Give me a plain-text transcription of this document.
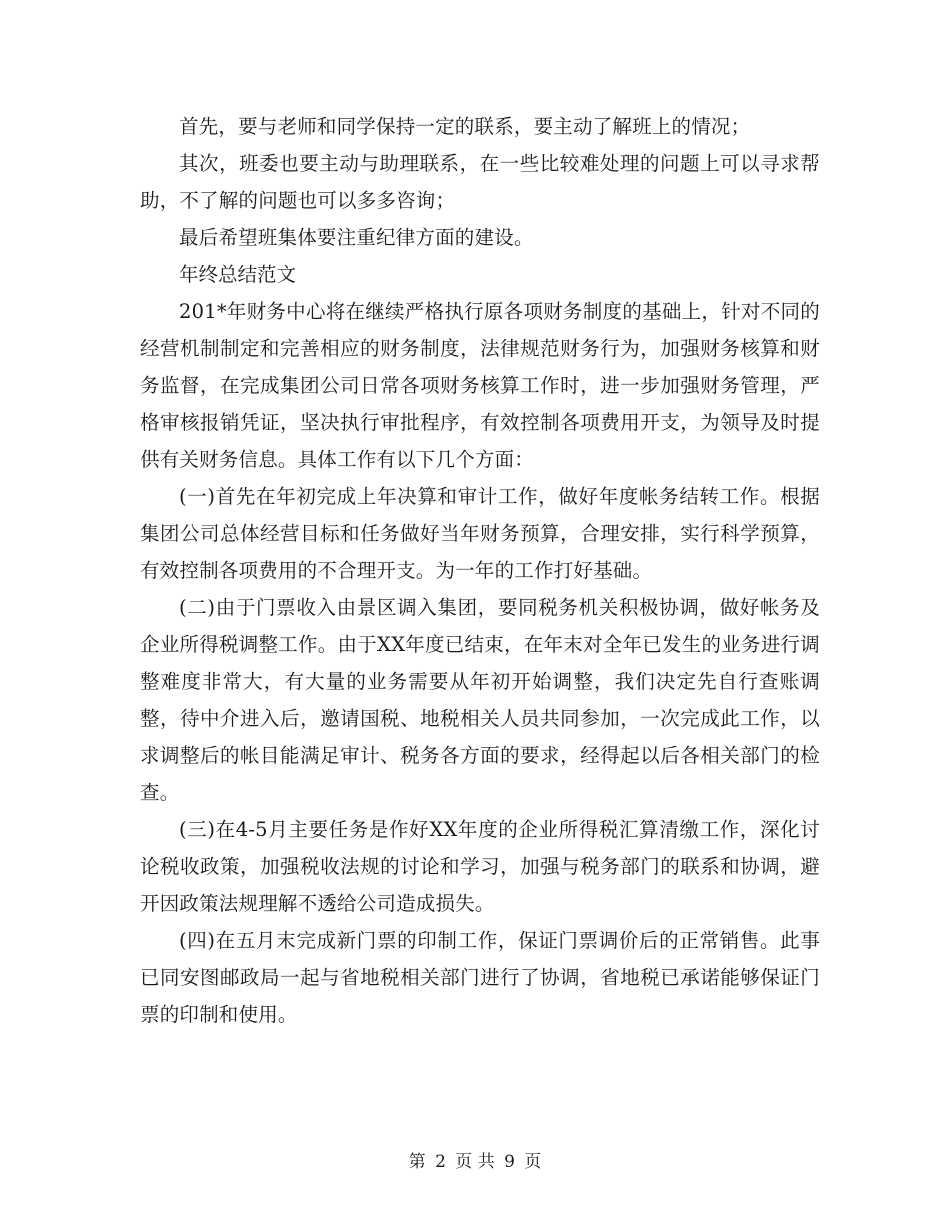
首先，要与老师和同学保持一定的联系，要主动了解班上的情况；

其次，班委也要主动与助理联系，在一些比较难处理的问题上可以寻求帮助，不了解的问题也可以多多咨询；

最后希望班集体要注重纪律方面的建设。

年终总结范文

201*年财务中心将在继续严格执行原各项财务制度的基础上，针对不同的经营机制制定和完善相应的财务制度，法律规范财务行为，加强财务核算和财务监督，在完成集团公司日常各项财务核算工作时，进一步加强财务管理，严格审核报销凭证，坚决执行审批程序，有效控制各项费用开支，为领导及时提供有关财务信息。具体工作有以下几个方面：

(一)首先在年初完成上年决算和审计工作，做好年度帐务结转工作。根据集团公司总体经营目标和任务做好当年财务预算，合理安排，实行科学预算，有效控制各项费用的不合理开支。为一年的工作打好基础。

(二)由于门票收入由景区调入集团，要同税务机关积极协调，做好帐务及企业所得税调整工作。由于XX年度已结束，在年末对全年已发生的业务进行调整难度非常大，有大量的业务需要从年初开始调整，我们决定先自行查账调整，待中介进入后，邀请国税、地税相关人员共同参加，一次完成此工作，以求调整后的帐目能满足审计、税务各方面的要求，经得起以后各相关部门的检查。

(三)在4-5月主要任务是作好XX年度的企业所得税汇算清缴工作，深化讨论税收政策，加强税收法规的讨论和学习，加强与税务部门的联系和协调，避开因政策法规理解不透给公司造成损失。

(四)在五月末完成新门票的印制工作，保证门票调价后的正常销售。此事已同安图邮政局一起与省地税相关部门进行了协调，省地税已承诺能够保证门票的印制和使用。

第 2 页 共 9 页
